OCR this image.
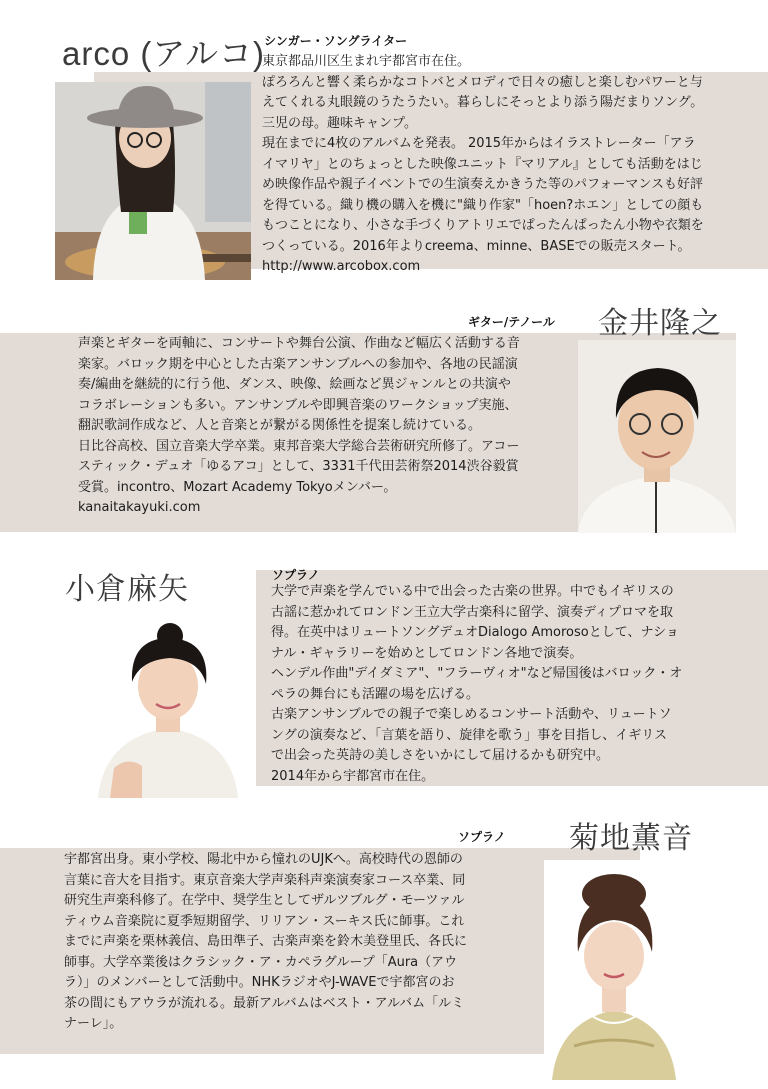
arco (アルコ)
シンガー・ソングライター
東京都品川区生まれ宇都宮市在住。
ぽろろんと響く柔らかなコトバとメロディで日々の癒しと楽しむパワーと与
えてくれる丸眼鏡のうたうたい。暮らしにそっとより添う陽だまりソング。
三児の母。趣味キャンプ。
現在までに4枚のアルバムを発表。 2015年からはイラストレーター「アラ
イマリヤ」とのちょっとした映像ユニット『マリアル』としても活動をはじ
め映像作品や親子イベントでの生演奏えかきうた等のパフォーマンスも好評
を得ている。織り機の購入を機に"織り作家"「hoen?ホエン」としての顔も
もつことになり、小さな手づくりアトリエでぱったんぱったん小物や衣類を
つくっている。2016年よりcreema、minne、BASEでの販売スタート。
http://www.arcobox.com
金井隆之
ギター/テノール
声楽とギターを両軸に、コンサートや舞台公演、作曲など幅広く活動する音
楽家。バロック期を中心とした古楽アンサンブルへの参加や、各地の民謡演
奏/編曲を継続的に行う他、ダンス、映像、絵画など異ジャンルとの共演や
コラボレーションも多い。アンサンブルや即興音楽のワークショップ実施、
翻訳歌詞作成など、人と音楽とが繋がる関係性を提案し続けている。
日比谷高校、国立音楽大学卒業。東邦音楽大学総合芸術研究所修了。アコー
スティック・デュオ「ゆるアコ」として、3331千代田芸術祭2014渋谷毅賞
受賞。incontro、Mozart Academy Tokyoメンバー。
kanaitakayuki.com
小倉麻矢	ソプラノ
大学で声楽を学んでいる中で出会った古楽の世界。中でもイギリスの
古謡に惹かれてロンドン王立大学古楽科に留学、演奏ディプロマを取
得。在英中はリュートソングデュオDialogo Amorosoとして、ナショ
ナル・ギャラリーを始めとしてロンドン各地で演奏。
ヘンデル作曲"デイダミア"、"フラーヴィオ"など帰国後はバロック・オ
ペラの舞台にも活躍の場を広げる。
古楽アンサンブルでの親子で楽しめるコンサート活動や、リュートソ
ングの演奏など、「言葉を語り、旋律を歌う」事を目指し、イギリス
で出会った英詩の美しさをいかにして届けるかも研究中。
2014年から宇都宮市在住。
菊地薫音
ソプラノ
宇都宮出身。東小学校、陽北中から憧れのUJKへ。高校時代の恩師の
言葉に音大を目指す。東京音楽大学声楽科声楽演奏家コース卒業、同
研究生声楽科修了。在学中、奨学生としてザルツブルグ・モーツァル
ティウム音楽院に夏季短期留学、リリアン・スーキス氏に師事。これ
までに声楽を栗林義信、島田準子、古楽声楽を鈴木美登里氏、各氏に
師事。大学卒業後はクラシック・ア・カペラグループ「Aura（アウ
ラ）」のメンバーとして活動中。NHKラジオやJ-WAVEで宇都宮のお
茶の間にもアウラが流れる。最新アルバムはベスト・アルバム「ルミ
ナーレ」。
